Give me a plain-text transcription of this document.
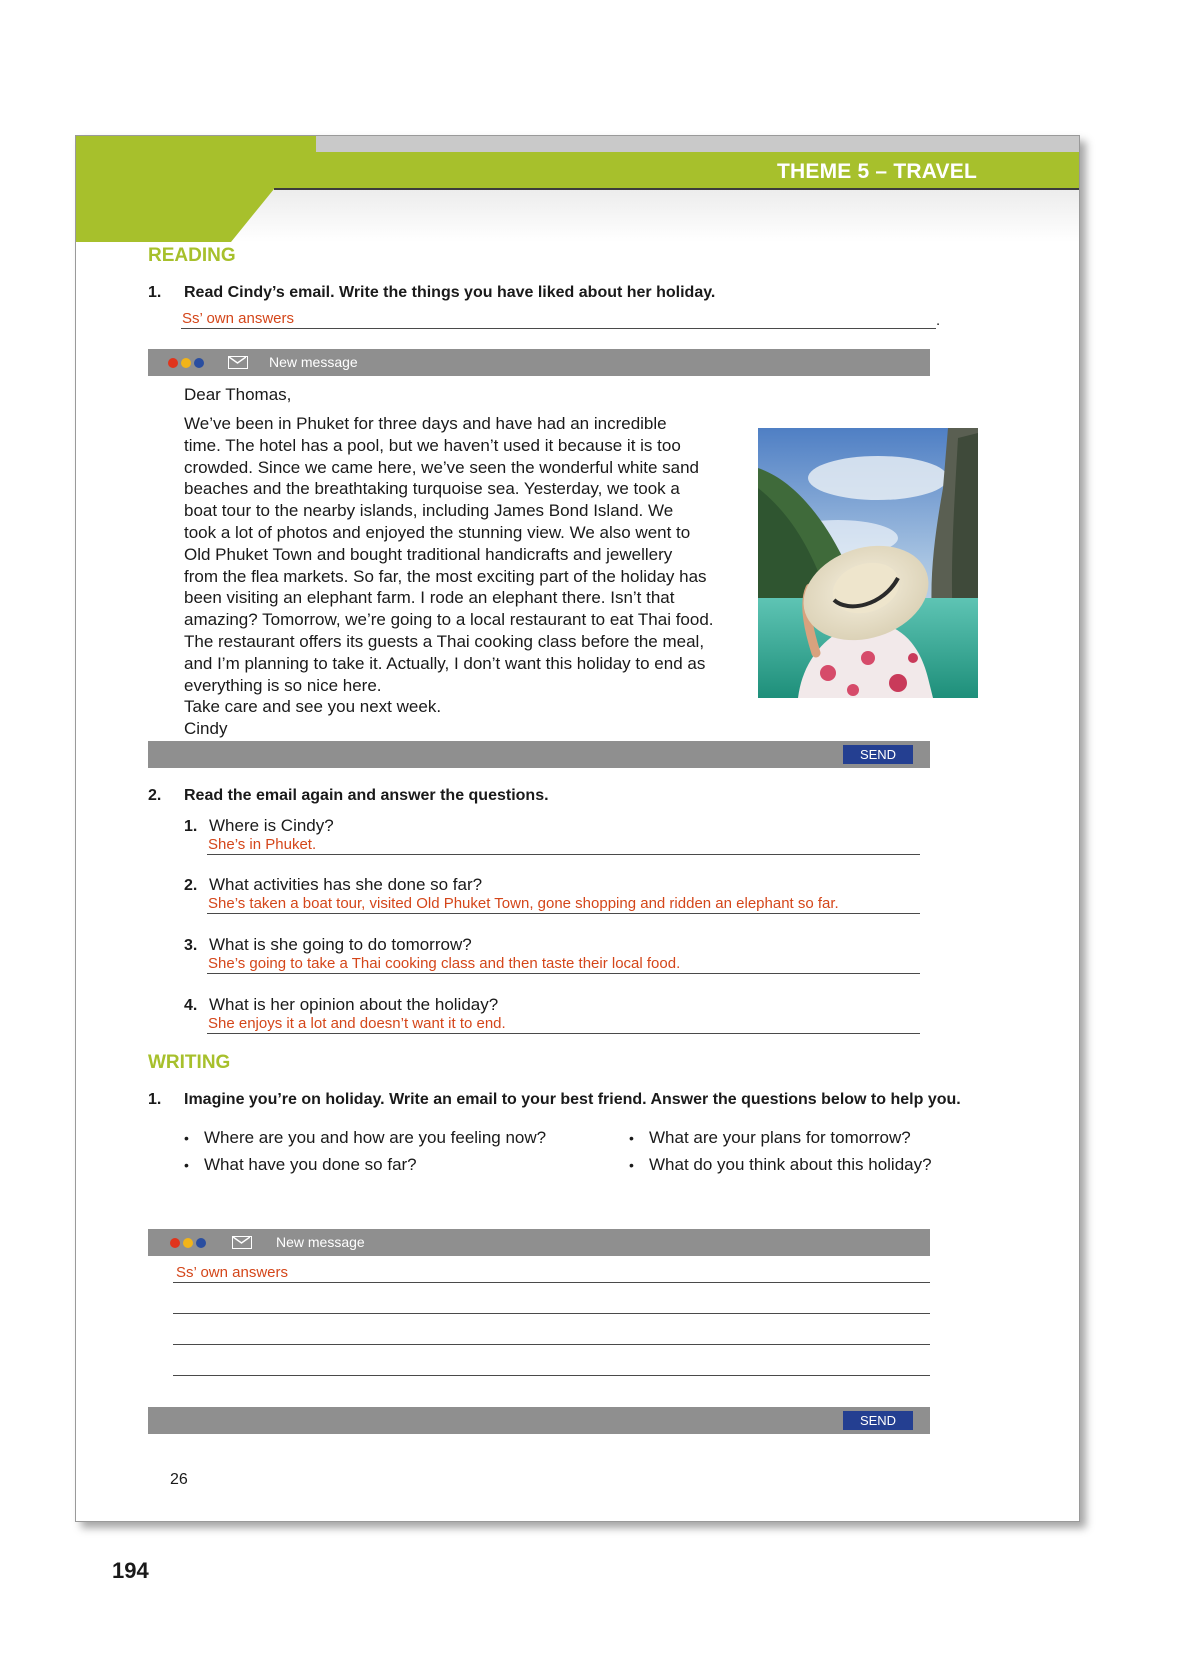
THEME 5 – TRAVEL
READING
1. Read Cindy’s email. Write the things you have liked about her holiday.
Ss’ own answers	.
New message
Dear Thomas,
We’ve been in Phuket for three days and have had an incredible
time. The hotel has a pool, but we haven’t used it because it is too
crowded. Since we came here, we’ve seen the wonderful white sand
beaches and the breathtaking turquoise sea. Yesterday, we took a
boat tour to the nearby islands, including James Bond Island. We
took a lot of photos and enjoyed the stunning view. We also went to
Old Phuket Town and bought traditional handicrafts and jewellery
from the flea markets. So far, the most exciting part of the holiday has
been visiting an elephant farm. I rode an elephant there. Isn’t that
amazing? Tomorrow, we’re going to a local restaurant to eat Thai food.
The restaurant offers its guests a Thai cooking class before the meal,
and I’m planning to take it. Actually, I don’t want this holiday to end as
everything is so nice here.
Take care and see you next week.
Cindy
SEND
2. Read the email again and answer the questions.
1. Where is Cindy?
She’s in Phuket.
2. What activities has she done so far?
She’s taken a boat tour, visited Old Phuket Town, gone shopping and ridden an elephant so far.
3. What is she going to do tomorrow?
She’s going to take a Thai cooking class and then taste their local food.
4. What is her opinion about the holiday?
She enjoys it a lot and doesn’t want it to end.
WRITING
1. Imagine you’re on holiday. Write an email to your best friend. Answer the questions below to help you.
• Where are you and how are you feeling now?
• What have you done so far?
• What are your plans for tomorrow?
• What do you think about this holiday?
New message
Ss’ own answers
SEND
26
194
